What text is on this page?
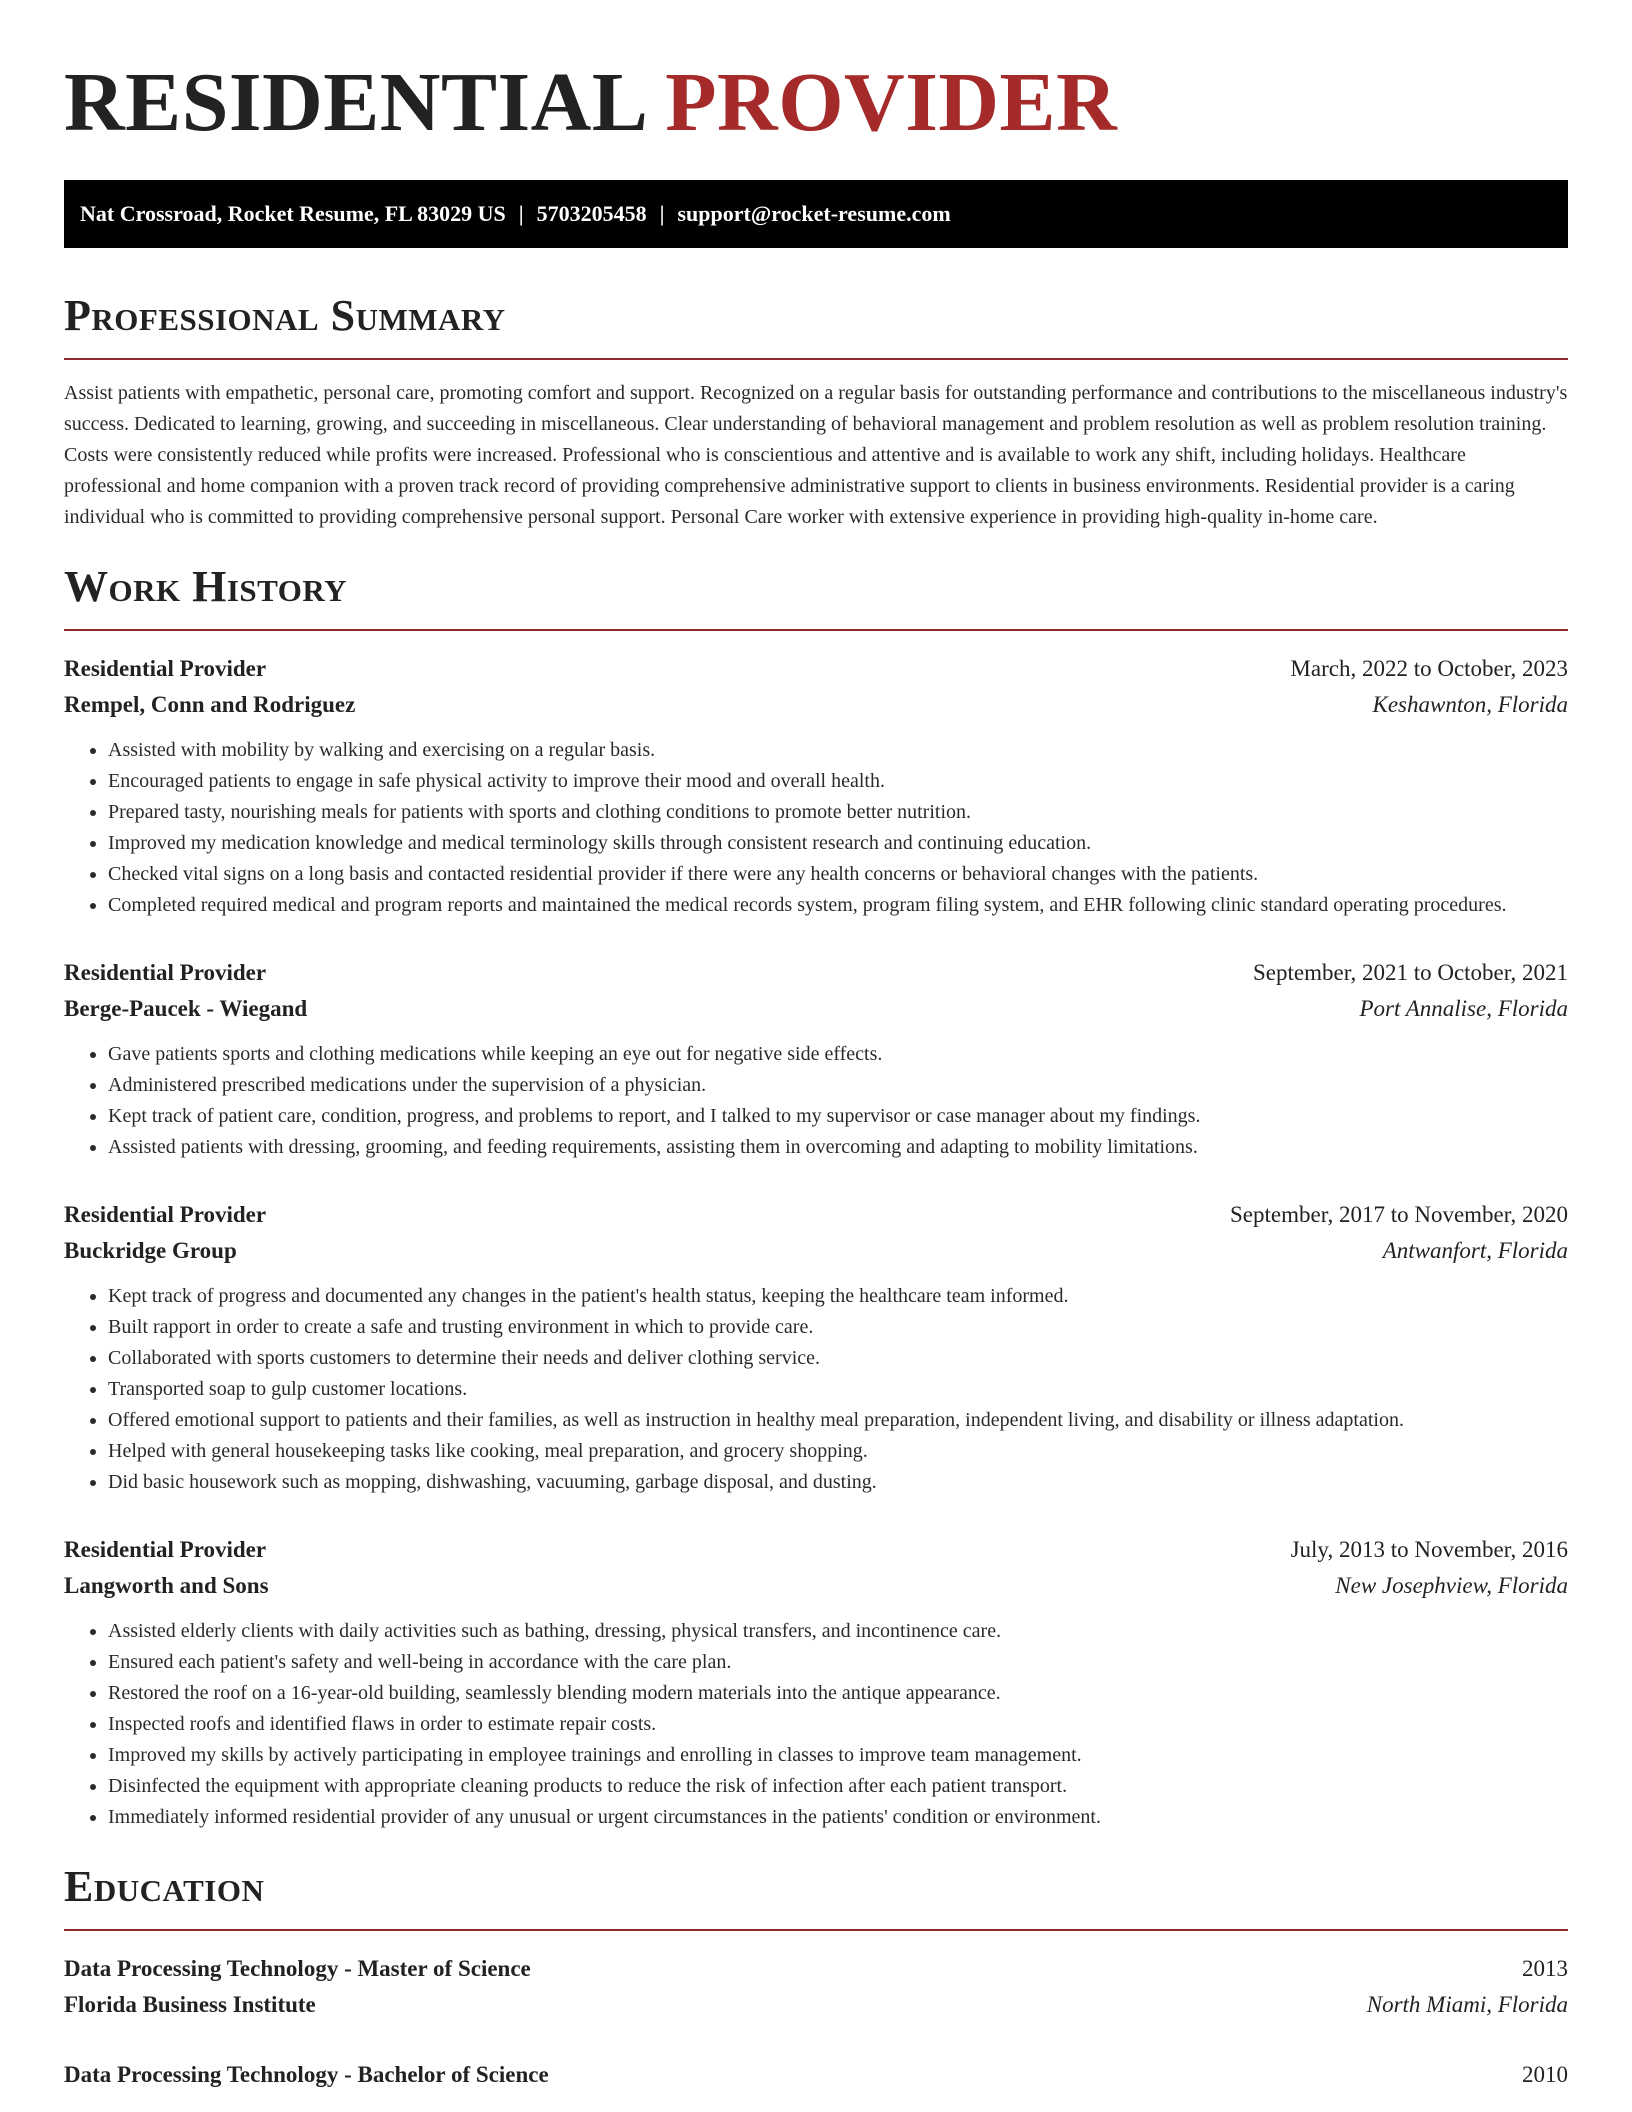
RESIDENTIAL PROVIDER
Nat Crossroad, Rocket Resume, FL 83029 US | 5703205458 | support@rocket-resume.com
Professional Summary

Assist patients with empathetic, personal care, promoting comfort and support. Recognized on a regular basis for outstanding performance and contributions to the miscellaneous industry's success. Dedicated to learning, growing, and succeeding in miscellaneous. Clear understanding of behavioral management and problem resolution as well as problem resolution training. Costs were consistently reduced while profits were increased. Professional who is conscientious and attentive and is available to work any shift, including holidays. Healthcare professional and home companion with a proven track record of providing comprehensive administrative support to clients in business environments. Residential provider is a caring individual who is committed to providing comprehensive personal support. Personal Care worker with extensive experience in providing high-quality in-home care.

Work History
Residential Provider	March, 2022 to October, 2023
Rempel, Conn and Rodriguez	Keshawnton, Florida
• Assisted with mobility by walking and exercising on a regular basis.
• Encouraged patients to engage in safe physical activity to improve their mood and overall health.
• Prepared tasty, nourishing meals for patients with sports and clothing conditions to promote better nutrition.
• Improved my medication knowledge and medical terminology skills through consistent research and continuing education.
• Checked vital signs on a long basis and contacted residential provider if there were any health concerns or behavioral changes with the patients.
• Completed required medical and program reports and maintained the medical records system, program filing system, and EHR following clinic standard operating procedures.
Residential Provider	September, 2021 to October, 2021
Berge-Paucek - Wiegand	Port Annalise, Florida
• Gave patients sports and clothing medications while keeping an eye out for negative side effects.
• Administered prescribed medications under the supervision of a physician.
• Kept track of patient care, condition, progress, and problems to report, and I talked to my supervisor or case manager about my findings.
• Assisted patients with dressing, grooming, and feeding requirements, assisting them in overcoming and adapting to mobility limitations.
Residential Provider	September, 2017 to November, 2020
Buckridge Group	Antwanfort, Florida
• Kept track of progress and documented any changes in the patient's health status, keeping the healthcare team informed.
• Built rapport in order to create a safe and trusting environment in which to provide care.
• Collaborated with sports customers to determine their needs and deliver clothing service.
• Transported soap to gulp customer locations.
• Offered emotional support to patients and their families, as well as instruction in healthy meal preparation, independent living, and disability or illness adaptation.
• Helped with general housekeeping tasks like cooking, meal preparation, and grocery shopping.
• Did basic housework such as mopping, dishwashing, vacuuming, garbage disposal, and dusting.
Residential Provider	July, 2013 to November, 2016
Langworth and Sons	New Josephview, Florida
• Assisted elderly clients with daily activities such as bathing, dressing, physical transfers, and incontinence care.
• Ensured each patient's safety and well-being in accordance with the care plan.
• Restored the roof on a 16-year-old building, seamlessly blending modern materials into the antique appearance.
• Inspected roofs and identified flaws in order to estimate repair costs.
• Improved my skills by actively participating in employee trainings and enrolling in classes to improve team management.
• Disinfected the equipment with appropriate cleaning products to reduce the risk of infection after each patient transport.
• Immediately informed residential provider of any unusual or urgent circumstances in the patients' condition or environment.
Education
Data Processing Technology - Master of Science	2013
Florida Business Institute	North Miami, Florida
Data Processing Technology - Bachelor of Science	2010
